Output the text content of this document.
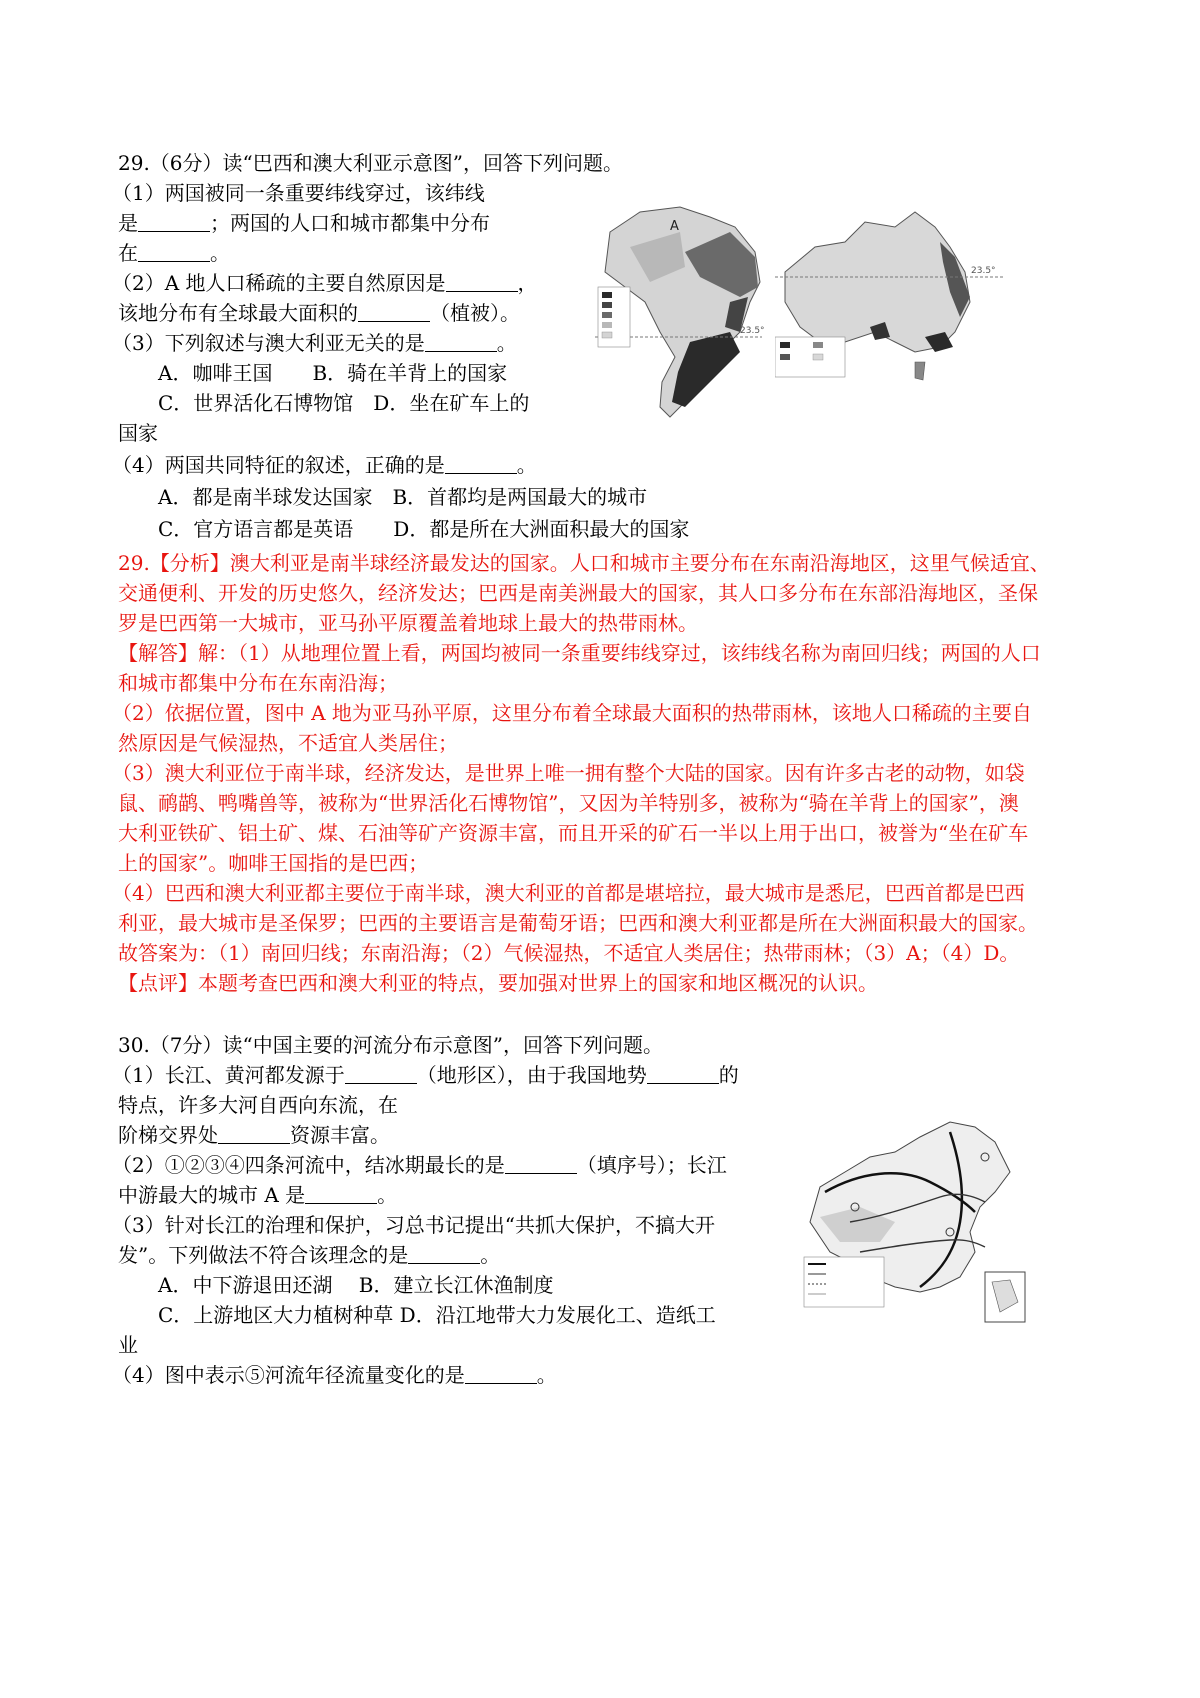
29.（6分）读“巴西和澳大利亚示意图”，回答下列问题。
（1）两国被同一条重要纬线穿过，该纬线
是	；两国的人口和城市都集中分布
在	。
（2）A 地人口稀疏的主要自然原因是	，
该地分布有全球最大面积的	（植被）。
（3）下列叙述与澳大利亚无关的是	。
A．咖啡王国　　B．骑在羊背上的国家
C．世界活化石博物馆　D．坐在矿车上的
国家
（4）两国共同特征的叙述，正确的是	。
A．都是南半球发达国家　B．首都均是两国最大的城市
C．官方语言都是英语　　D．都是所在大洲面积最大的国家
23.5°
A
23.5°
29.【分析】澳大利亚是南半球经济最发达的国家。人口和城市主要分布在东南沿海地区，这里气候适宜、
交通便利、开发的历史悠久，经济发达；巴西是南美洲最大的国家，其人口多分布在东部沿海地区，圣保
罗是巴西第一大城市，亚马孙平原覆盖着地球上最大的热带雨林。
【解答】解：（1）从地理位置上看，两国均被同一条重要纬线穿过，该纬线名称为南回归线；两国的人口
和城市都集中分布在东南沿海；
（2）依据位置，图中 A 地为亚马孙平原，这里分布着全球最大面积的热带雨林，该地人口稀疏的主要自
然原因是气候湿热，不适宜人类居住；
（3）澳大利亚位于南半球，经济发达，是世界上唯一拥有整个大陆的国家。因有许多古老的动物，如袋
鼠、鸸鹋、鸭嘴兽等，被称为“世界活化石博物馆”，又因为羊特别多，被称为“骑在羊背上的国家”，澳
大利亚铁矿、铝土矿、煤、石油等矿产资源丰富，而且开采的矿石一半以上用于出口，被誉为“坐在矿车
上的国家”。咖啡王国指的是巴西；
（4）巴西和澳大利亚都主要位于南半球，澳大利亚的首都是堪培拉，最大城市是悉尼，巴西首都是巴西
利亚，最大城市是圣保罗；巴西的主要语言是葡萄牙语；巴西和澳大利亚都是所在大洲面积最大的国家。
故答案为：（1）南回归线；东南沿海；（2）气候湿热，不适宜人类居住；热带雨林；（3）A；（4）D。
【点评】本题考查巴西和澳大利亚的特点，要加强对世界上的国家和地区概况的认识。
30.（7分）读“中国主要的河流分布示意图”，回答下列问题。
（1）长江、黄河都发源于	（地形区），由于我国地势	的
特点，许多大河自西向东流，在
阶梯交界处	资源丰富。
（2）①②③④四条河流中，结冰期最长的是	（填序号）；长江
中游最大的城市 A 是	。
（3）针对长江的治理和保护，习总书记提出“共抓大保护，不搞大开
发”。下列做法不符合该理念的是	。
A．中下游退田还湖　 B．建立长江休渔制度
C．上游地区大力植树种草 D．沿江地带大力发展化工、造纸工
业
（4）图中表示⑤河流年径流量变化的是	。
